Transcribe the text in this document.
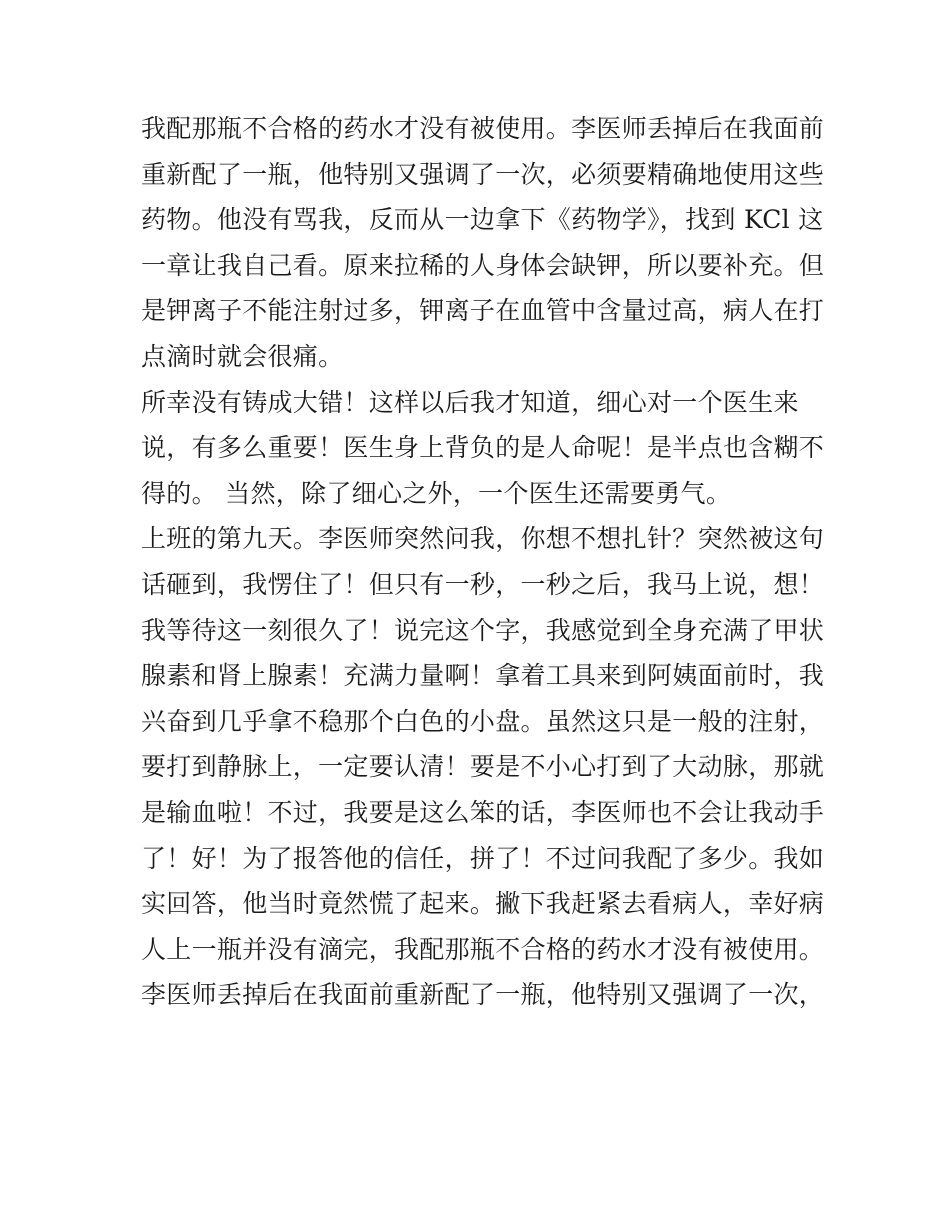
我配那瓶不合格的药水才没有被使用。李医师丢掉后在我面前
重新配了一瓶，他特别又强调了一次，必须要精确地使用这些
药物。他没有骂我，反而从一边拿下《药物学》，找到 KCl 这
一章让我自己看。原来拉稀的人身体会缺钾，所以要补充。但
是钾离子不能注射过多，钾离子在血管中含量过高，病人在打
点滴时就会很痛。
所幸没有铸成大错！这样以后我才知道，细心对一个医生来
说，有多么重要！医生身上背负的是人命呢！是半点也含糊不
得的。 当然，除了细心之外，一个医生还需要勇气。
上班的第九天。李医师突然问我，你想不想扎针？突然被这句
话砸到，我愣住了！但只有一秒，一秒之后，我马上说，想！
我等待这一刻很久了！说完这个字，我感觉到全身充满了甲状
腺素和肾上腺素！充满力量啊！拿着工具来到阿姨面前时，我
兴奋到几乎拿不稳那个白色的小盘。虽然这只是一般的注射，
要打到静脉上，一定要认清！要是不小心打到了大动脉，那就
是输血啦！不过，我要是这么笨的话，李医师也不会让我动手
了！好！为了报答他的信任，拼了！不过问我配了多少。我如
实回答，他当时竟然慌了起来。撇下我赶紧去看病人，幸好病
人上一瓶并没有滴完，我配那瓶不合格的药水才没有被使用。
李医师丢掉后在我面前重新配了一瓶，他特别又强调了一次，
